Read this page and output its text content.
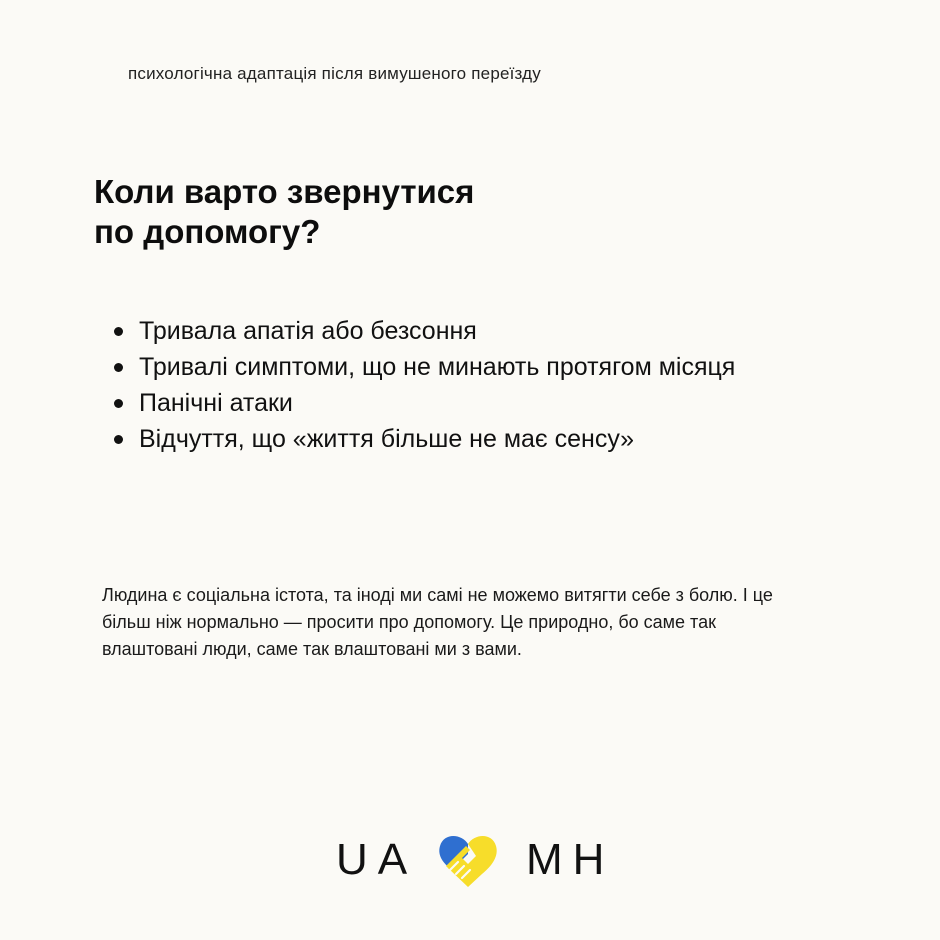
психологічна адаптація після вимушеного переїзду
Коли варто звернутися
по допомогу?
Тривала апатія або безсоння
Тривалі симптоми, що не минають протягом місяця
Панічні атаки
Відчуття, що «життя більше не має сенсу»

Людина є соціальна істота, та іноді ми самі не можемо витягти себе з болю. І це більш ніж нормально — просити про допомогу. Це природно, бо саме так влаштовані люди, саме так влаштовані ми з вами.

UA MH
